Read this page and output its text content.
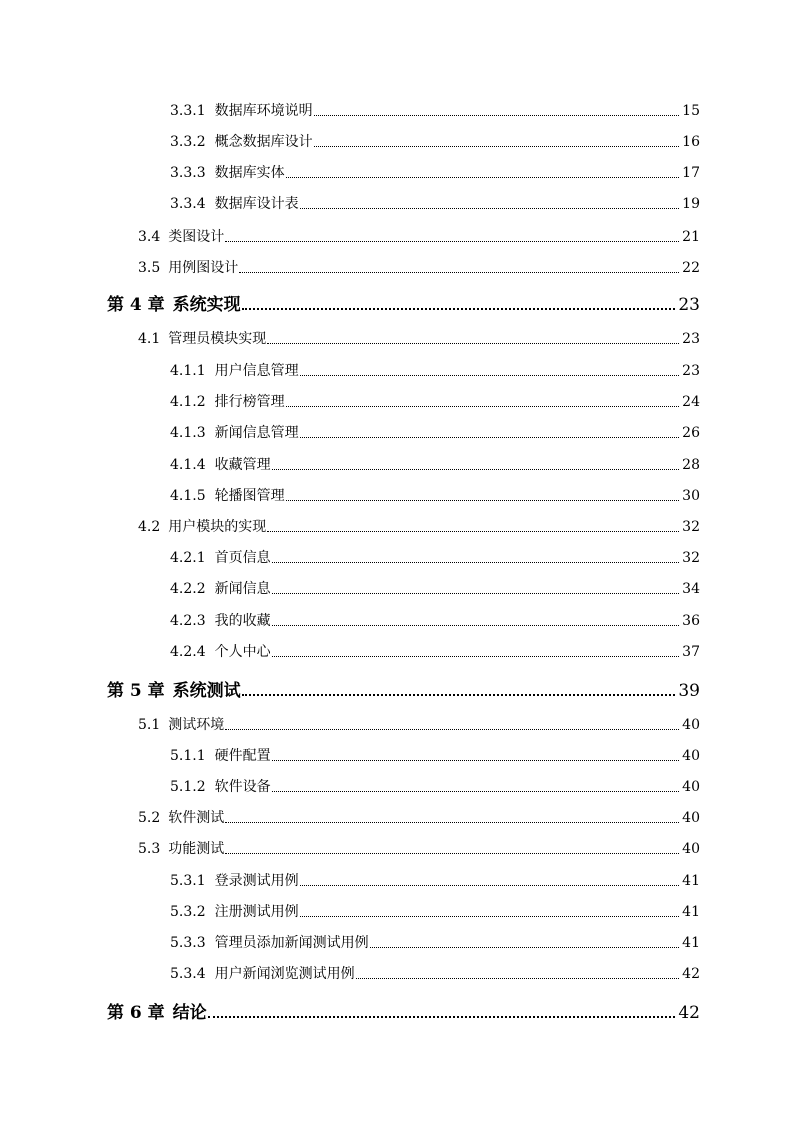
3.3.1 数据库环境说明	15
3.3.2 概念数据库设计	16
3.3.3 数据库实体	17
3.3.4 数据库设计表	19
3.4 类图设计	21
3.5 用例图设计	22
第 4 章 系统实现	23
4.1 管理员模块实现	23
4.1.1 用户信息管理	23
4.1.2 排行榜管理	24
4.1.3 新闻信息管理	26
4.1.4 收藏管理	28
4.1.5 轮播图管理	30
4.2 用户模块的实现	32
4.2.1 首页信息	32
4.2.2 新闻信息	34
4.2.3 我的收藏	36
4.2.4 个人中心	37
第 5 章 系统测试	39
5.1 测试环境	40
5.1.1 硬件配置	40
5.1.2 软件设备	40
5.2 软件测试	40
5.3 功能测试	40
5.3.1 登录测试用例	41
5.3.2 注册测试用例	41
5.3.3 管理员添加新闻测试用例	41
5.3.4 用户新闻浏览测试用例	42
第 6 章 结论	42
